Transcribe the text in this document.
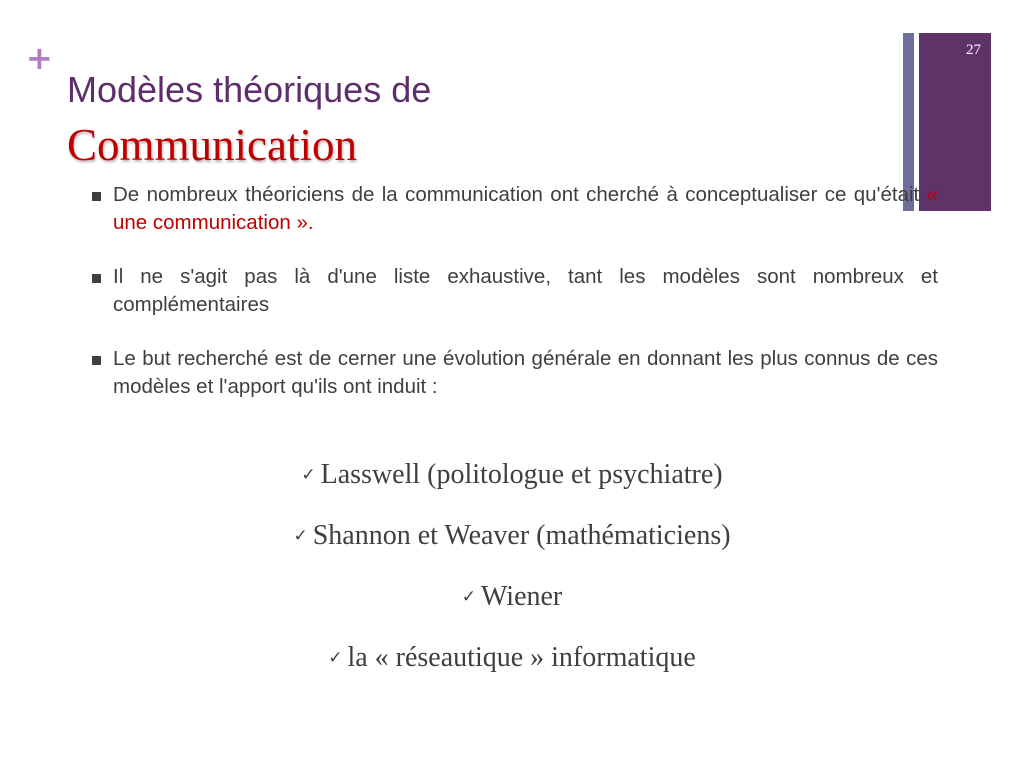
+	27
Modèles théoriques de
Communication
De nombreux théoriciens de la communication ont cherché à conceptualiser ce qu'était « une communication ».
Il ne s'agit pas là d'une liste exhaustive, tant les modèles sont nombreux et complémentaires
Le but recherché est de cerner une évolution générale en donnant les plus connus de ces modèles et l'apport qu'ils ont induit :
✓ Lasswell (politologue et psychiatre)
✓ Shannon et Weaver (mathématiciens)
✓ Wiener
✓ la « réseautique » informatique
